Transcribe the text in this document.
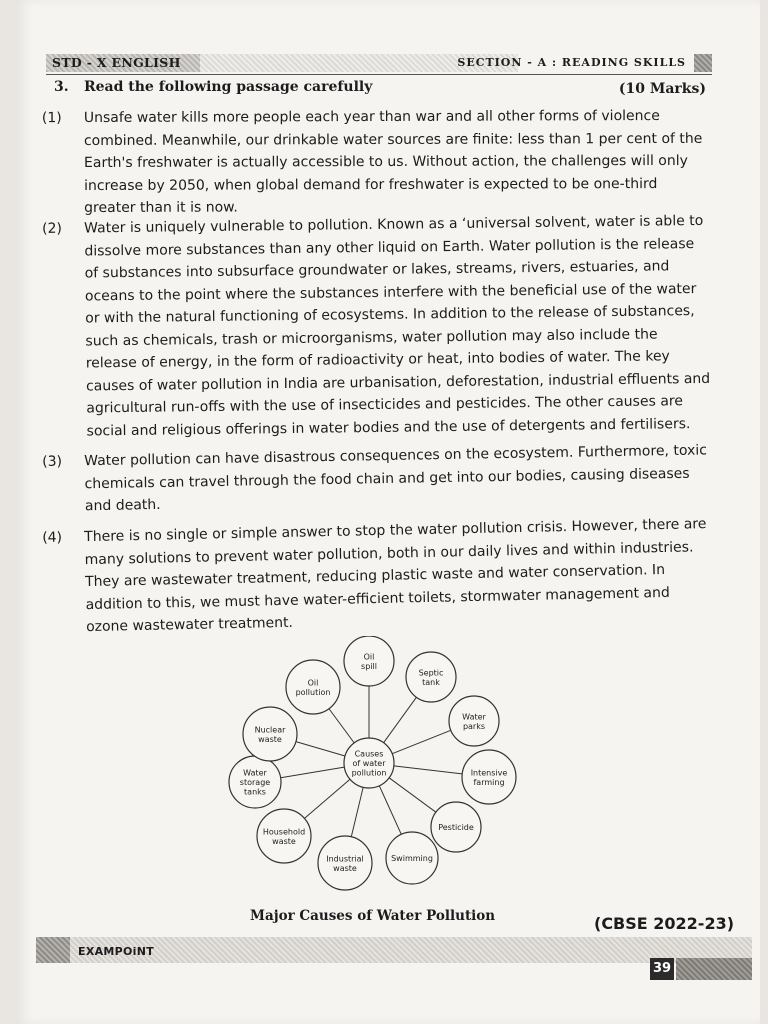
STD - X ENGLISH	SECTION - A : READING SKILLS
3. Read the following passage carefully	(10 Marks)
(1) Unsafe water kills more people each year than war and all other forms of violence combined. Meanwhile, our drinkable water sources are finite: less than 1 per cent of the Earth's freshwater is actually accessible to us. Without action, the challenges will only increase by 2050, when global demand for freshwater is expected to be one-third greater than it is now.
(2) Water is uniquely vulnerable to pollution. Known as a ‘universal solvent, water is able to dissolve more substances than any other liquid on Earth. Water pollution is the release of substances into subsurface groundwater or lakes, streams, rivers, estuaries, and oceans to the point where the substances interfere with the beneficial use of the water or with the natural functioning of ecosystems. In addition to the release of substances, such as chemicals, trash or microorganisms, water pollution may also include the release of energy, in the form of radioactivity or heat, into bodies of water. The key causes of water pollution in India are urbanisation, deforestation, industrial effluents and agricultural run-offs with the use of insecticides and pesticides. The other causes are social and religious offerings in water bodies and the use of detergents and fertilisers.
(3) Water pollution can have disastrous consequences on the ecosystem. Furthermore, toxic chemicals can travel through the food chain and get into our bodies, causing diseases and death.
(4) There is no single or simple answer to stop the water pollution crisis. However, there are many solutions to prevent water pollution, both in our daily lives and within industries. They are wastewater treatment, reducing plastic waste and water conservation. In addition to this, we must have water-efficient toilets, stormwater management and ozone wastewater treatment.
Oil
spill
Septic
tank
Water
parks
Intensive
farming
Pesticide
Swimming
Industrial
waste
Household
waste
Water
storage
tanks
Nuclear
waste
Oil
pollution
Causes
of water
pollution
Major Causes of Water Pollution	(CBSE 2022-23)
EXAMPOiNT
39
